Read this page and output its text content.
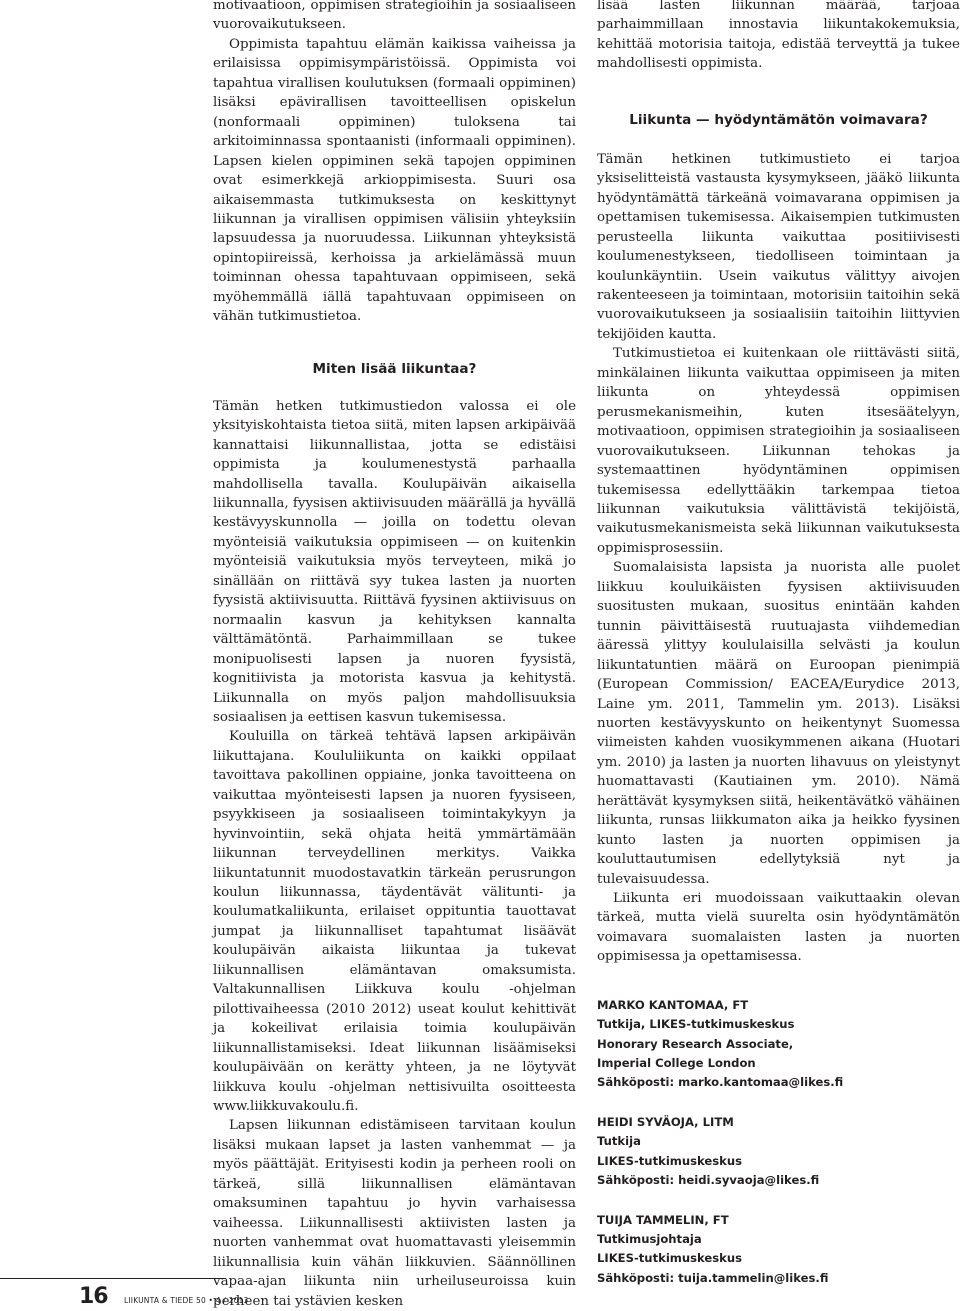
motivaatioon, oppimisen strategioihin ja sosiaaliseen vuorovaikutukseen.

Oppimista tapahtuu elämän kaikissa vaiheissa ja erilaisissa oppimisympäristöissä. Oppimista voi tapahtua virallisen koulutuksen (formaali oppiminen) lisäksi epävirallisen tavoitteellisen opiskelun (nonformaali oppiminen) tuloksena tai arkitoiminnassa spontaanisti (informaali oppiminen). Lapsen kielen oppiminen sekä tapojen oppiminen ovat esimerkkejä arkioppimisesta. Suuri osa aikaisemmasta tutkimuksesta on keskittynyt liikunnan ja virallisen oppimisen välisiin yhteyksiin lapsuudessa ja nuoruudessa. Liikunnan yhteyksistä opintopiireissä, kerhoissa ja arkielämässä muun toiminnan ohessa tapahtuvaan oppimiseen, sekä myöhemmällä iällä tapahtuvaan oppimiseen on vähän tutkimustietoa.

Miten lisää liikuntaa?

Tämän hetken tutkimustiedon valossa ei ole yksityiskohtaista tietoa siitä, miten lapsen arkipäivää kannattaisi liikunnallistaa, jotta se edistäisi oppimista ja koulumenestystä parhaalla mahdollisella tavalla. Koulupäivän aikaisella liikunnalla, fyysisen aktiivisuuden määrällä ja hyvällä kestävyyskunnolla — joilla on todettu olevan myönteisiä vaikutuksia oppimiseen — on kuitenkin myönteisiä vaikutuksia myös terveyteen, mikä jo sinällään on riittävä syy tukea lasten ja nuorten fyysistä aktiivisuutta. Riittävä fyysinen aktiivisuus on normaalin kasvun ja kehityksen kannalta välttämätöntä. Parhaimmillaan se tukee monipuolisesti lapsen ja nuoren fyysistä, kognitiivista ja motorista kasvua ja kehitystä. Liikunnalla on myös paljon mahdollisuuksia sosiaalisen ja eettisen kasvun tukemisessa.

Kouluilla on tärkeä tehtävä lapsen arkipäivän liikuttajana. Koululiikunta on kaikki oppilaat tavoittava pakollinen oppiaine, jonka tavoitteena on vaikuttaa myönteisesti lapsen ja nuoren fyysiseen, psyykkiseen ja sosiaaliseen toimintakykyyn ja hyvinvointiin, sekä ohjata heitä ymmärtämään liikunnan terveydellinen merkitys. Vaikka liikuntatunnit muodostavatkin tärkeän perusrungon koulun liikunnassa, täydentävät välitunti- ja koulumatkaliikunta, erilaiset oppituntia tauottavat jumpat ja liikunnalliset tapahtumat lisäävät koulupäivän aikaista liikuntaa ja tukevat liikunnallisen elämäntavan omaksumista. Valtakunnallisen Liikkuva koulu -ohjelman pilottivaiheessa (2010 2012) useat koulut kehittivät ja kokeilivat erilaisia toimia koulupäivän liikunnallistamiseksi. Ideat liikunnan lisäämiseksi koulupäivään on kerätty yhteen, ja ne löytyvät liikkuva koulu -ohjelman nettisivuilta osoitteesta www.liikkuvakoulu.fi.

Lapsen liikunnan edistämiseen tarvitaan koulun lisäksi mukaan lapset ja lasten vanhemmat — ja myös päättäjät. Erityisesti kodin ja perheen rooli on tärkeä, sillä liikunnallisen elämäntavan omaksuminen tapahtuu jo hyvin varhaisessa vaiheessa. Liikunnallisesti aktiivisten lasten ja nuorten vanhemmat ovat huomattavasti yleisemmin liikunnallisia kuin vähän liikkuvien. Säännöllinen vapaa-ajan liikunta niin urheiluseuroissa kuin perheen tai ystävien kesken

lisää lasten liikunnan määrää, tarjoaa parhaimmillaan innostavia liikuntakokemuksia, kehittää motorisia taitoja, edistää terveyttä ja tukee mahdollisesti oppimista.

Liikunta — hyödyntämätön voimavara?

Tämän hetkinen tutkimustieto ei tarjoa yksiselitteistä vastausta kysymykseen, jääkö liikunta hyödyntämättä tärkeänä voimavarana oppimisen ja opettamisen tukemisessa. Aikaisempien tutkimusten perusteella liikunta vaikuttaa positiivisesti koulumenestykseen, tiedolliseen toimintaan ja koulunkäyntiin. Usein vaikutus välittyy aivojen rakenteeseen ja toimintaan, motorisiin taitoihin sekä vuorovaikutukseen ja sosiaalisiin taitoihin liittyvien tekijöiden kautta.

Tutkimustietoa ei kuitenkaan ole riittävästi siitä, minkälainen liikunta vaikuttaa oppimiseen ja miten liikunta on yhteydessä oppimisen perusmekanismeihin, kuten itsesäätelyyn, motivaatioon, oppimisen strategioihin ja sosiaaliseen vuorovaikutukseen. Liikunnan tehokas ja systemaattinen hyödyntäminen oppimisen tukemisessa edellyttääkin tarkempaa tietoa liikunnan vaikutuksia välittävistä tekijöistä, vaikutusmekanismeista sekä liikunnan vaikutuksesta oppimisprosessiin.

Suomalaisista lapsista ja nuorista alle puolet liikkuu kouluikäisten fyysisen aktiivisuuden suositusten mukaan, suositus enintään kahden tunnin päivittäisestä ruutuajasta viihdemedian ääressä ylittyy koululaisilla selvästi ja koulun liikuntatuntien määrä on Euroopan pienimpiä (European Commission/ EACEA/Eurydice 2013, Laine ym. 2011, Tammelin ym. 2013). Lisäksi nuorten kestävyyskunto on heikentynyt Suomessa viimeisten kahden vuosikymmenen aikana (Huotari ym. 2010) ja lasten ja nuorten lihavuus on yleistynyt huomattavasti (Kautiainen ym. 2010). Nämä herättävät kysymyksen siitä, heikentävätkö vähäinen liikunta, runsas liikkumaton aika ja heikko fyysinen kunto lasten ja nuorten oppimisen ja kouluttautumisen edellytyksiä nyt ja tulevaisuudessa.

Liikunta eri muodoissaan vaikuttaakin olevan tärkeä, mutta vielä suurelta osin hyödyntämätön voimavara suomalaisten lasten ja nuorten oppimisessa ja opettamisessa.

MARKO KANTOMAA, FT
Tutkija, LIKES-tutkimuskeskus
Honorary Research Associate,
Imperial College London
Sähköposti: marko.kantomaa@likes.fi
HEIDI SYVÄOJA, LITM
Tutkija
LIKES-tutkimuskeskus
Sähköposti: heidi.syvaoja@likes.fi
TUIJA TAMMELIN, FT
Tutkimusjohtaja
LIKES-tutkimuskeskus
Sähköposti: tuija.tammelin@likes.fi
16 LIIKUNTA & TIEDE 50 • 4 / 2013
